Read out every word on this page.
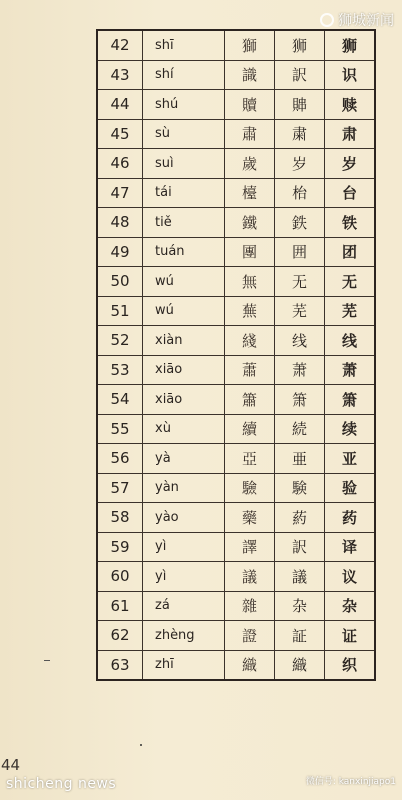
狮城新闻
42	shī	獅	狮	狮
43	shí	識	訳	识
44	shú	贖	賗	赎
45	sù	肅	粛	肃
46	suì	歲	岁	岁
47	tái	檯	枱	台
48	tiě	鐵	鉄	铁
49	tuán	團	囲	团
50	wú	無	无	无
51	wú	蕪	芜	芜
52	xiàn	綫	线	线
53	xiāo	蕭	萧	萧
54	xiāo	簫	箫	箫
55	xù	續	続	续
56	yà	亞	亜	亚
57	yàn	驗	験	验
58	yào	藥	葯	药
59	yì	譯	訳	译
60	yì	議	議	议
61	zá	雜	杂	杂
62	zhèng	證	証	证
63	zhī	織	織	织
44
shicheng news	微信号: kanxinjiapo1
